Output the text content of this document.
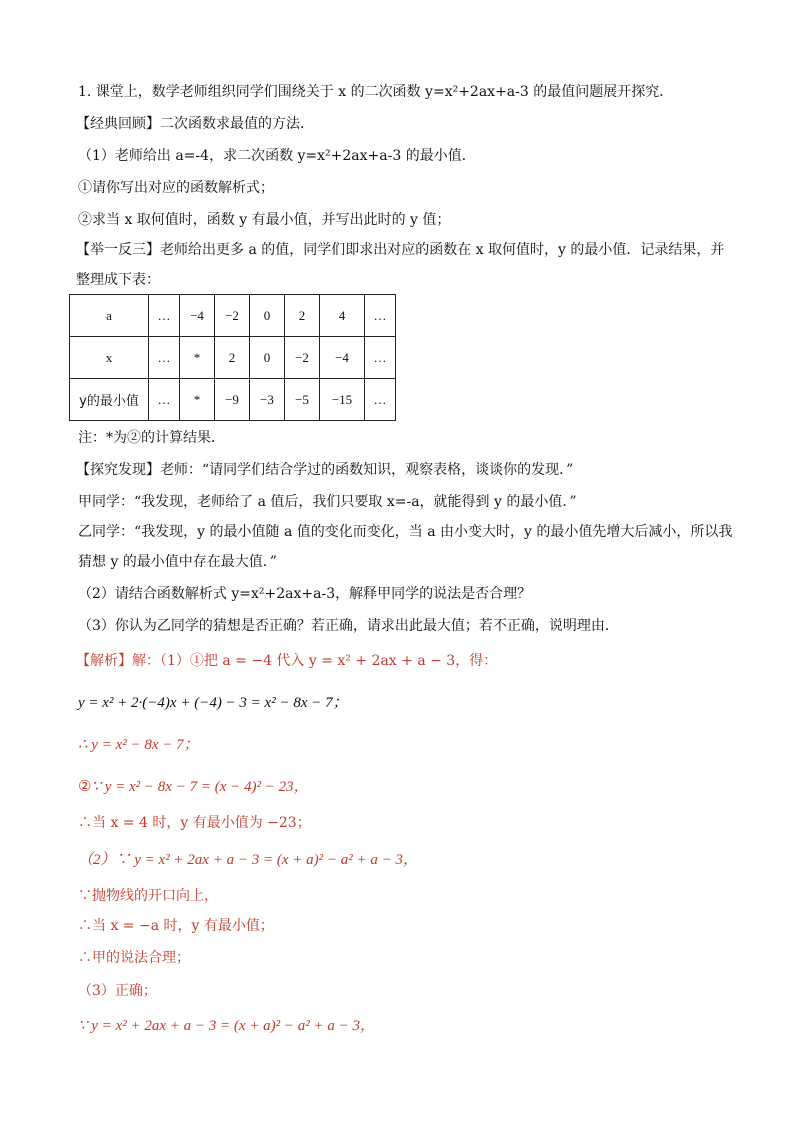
1. 课堂上，数学老师组织同学们围绕关于 x 的二次函数 y=x²+2ax+a-3 的最值问题展开探究．
【经典回顾】二次函数求最值的方法．
（1）老师给出 a=-4，求二次函数 y=x²+2ax+a-3 的最小值．
①请你写出对应的函数解析式；
②求当 x 取何值时，函数 y 有最小值，并写出此时的 y 值；
【举一反三】老师给出更多 a 的值，同学们即求出对应的函数在 x 取何值时，y 的最小值．记录结果，并
整理成下表：
a	…	−4	−2	0	2	4	…
x	…	*	2	0	−2	−4	…
y的最小值	…	*	−9	−3	−5	−15	…
注：*为②的计算结果．
【探究发现】老师：“请同学们结合学过的函数知识，观察表格，谈谈你的发现．”
甲同学：“我发现，老师给了 a 值后，我们只要取 x=-a，就能得到 y 的最小值．”
乙同学：“我发现，y 的最小值随 a 值的变化而变化，当 a 由小变大时，y 的最小值先增大后减小，所以我
猜想 y 的最小值中存在最大值．”
（2）请结合函数解析式 y=x²+2ax+a-3，解释甲同学的说法是否合理？
（3）你认为乙同学的猜想是否正确？若正确，请求出此最大值；若不正确，说明理由．
【解析】解：（1）①把 a = −4 代入 y = x² + 2ax + a − 3，得：
y = x² + 2·(−4)x + (−4) − 3 = x² − 8x − 7；
∴ y = x² − 8x − 7；
②∵ y = x² − 8x − 7 = (x − 4)² − 23，
∴当 x = 4 时，y 有最小值为 −23；
（2）∵ y = x² + 2ax + a − 3 = (x + a)² − a² + a − 3，
∵抛物线的开口向上，
∴当 x = −a 时，y 有最小值；
∴甲的说法合理；
（3）正确；
∵ y = x² + 2ax + a − 3 = (x + a)² − a² + a − 3，
